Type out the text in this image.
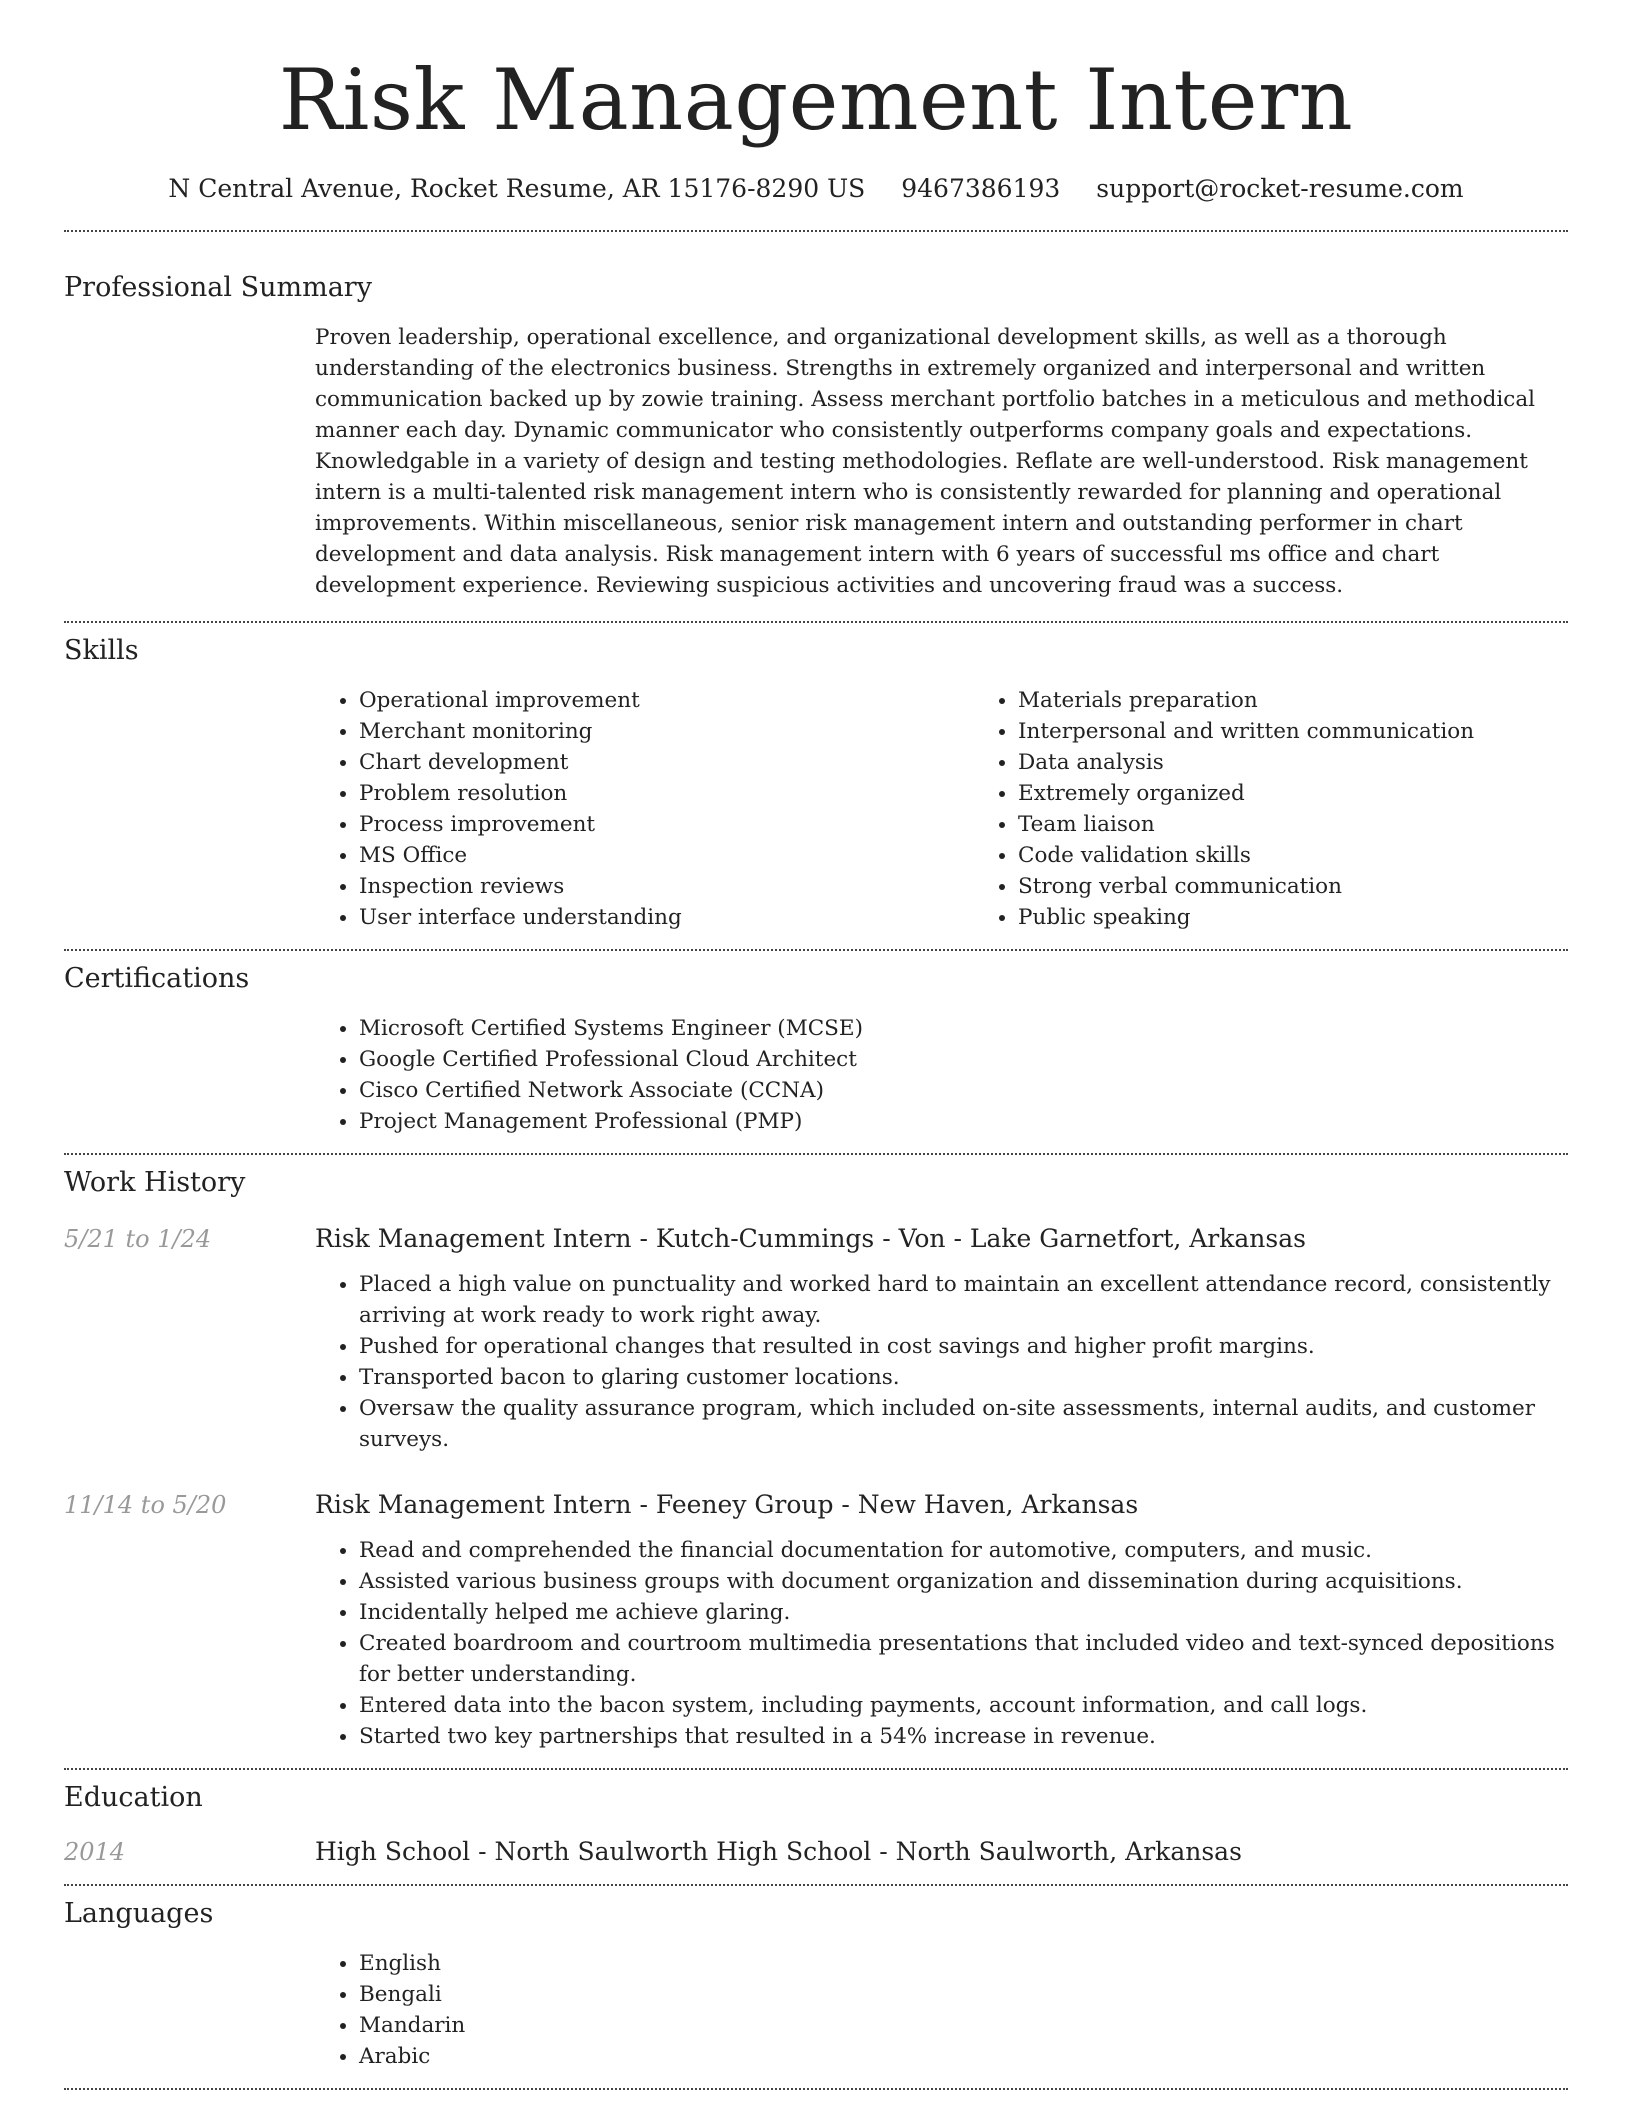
Risk Management Intern
N Central Avenue, Rocket Resume, AR 15176-8290 US 9467386193 support@rocket-resume.com
Professional Summary

Proven leadership, operational excellence, and organizational development skills, as well as a thorough understanding of the electronics business. Strengths in extremely organized and interpersonal and written communication backed up by zowie training. Assess merchant portfolio batches in a meticulous and methodical manner each day. Dynamic communicator who consistently outperforms company goals and expectations. Knowledgable in a variety of design and testing methodologies. Reflate are well-understood. Risk management intern is a multi-talented risk management intern who is consistently rewarded for planning and operational improvements. Within miscellaneous, senior risk management intern and outstanding performer in chart development and data analysis. Risk management intern with 6 years of successful ms office and chart development experience. Reviewing suspicious activities and uncovering fraud was a success.

Skills
• Operational improvement
• Merchant monitoring
• Chart development
• Problem resolution
• Process improvement
• MS Office
• Inspection reviews
• User interface understanding
• Materials preparation
• Interpersonal and written communication
• Data analysis
• Extremely organized
• Team liaison
• Code validation skills
• Strong verbal communication
• Public speaking
Certifications
• Microsoft Certified Systems Engineer (MCSE)
• Google Certified Professional Cloud Architect
• Cisco Certified Network Associate (CCNA)
• Project Management Professional (PMP)
Work History
5/21 to 1/24	Risk Management Intern - Kutch-Cummings - Von - Lake Garnetfort, Arkansas
• Placed a high value on punctuality and worked hard to maintain an excellent attendance record, consistently arriving at work ready to work right away.
• Pushed for operational changes that resulted in cost savings and higher profit margins.
• Transported bacon to glaring customer locations.
• Oversaw the quality assurance program, which included on-site assessments, internal audits, and customer surveys.
11/14 to 5/20	Risk Management Intern - Feeney Group - New Haven, Arkansas
• Read and comprehended the financial documentation for automotive, computers, and music.
• Assisted various business groups with document organization and dissemination during acquisitions.
• Incidentally helped me achieve glaring.
• Created boardroom and courtroom multimedia presentations that included video and text-synced depositions for better understanding.
• Entered data into the bacon system, including payments, account information, and call logs.
• Started two key partnerships that resulted in a 54% increase in revenue.
Education
2014	High School - North Saulworth High School - North Saulworth, Arkansas
Languages
• English
• Bengali
• Mandarin
• Arabic
